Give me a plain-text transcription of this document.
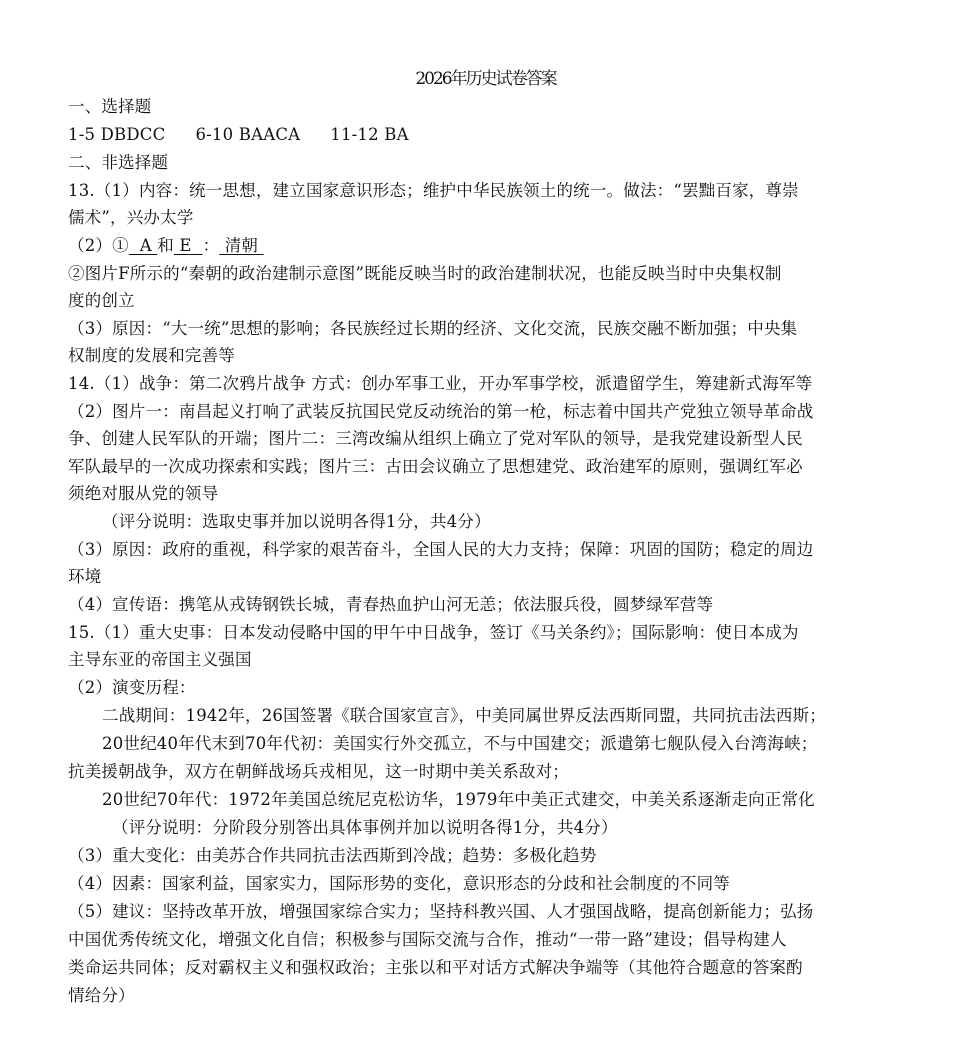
2026年历史试卷答案
一、选择题
1-5 DBDCC 6-10 BAACA 11-12 BA
二、非选择题
13.（1）内容：统一思想，建立国家意识形态；维护中华民族领土的统一。做法：“罢黜百家，尊崇
儒术”，兴办太学
（2）①  A 和 E  ： 清朝
②图片F所示的“秦朝的政治建制示意图”既能反映当时的政治建制状况，也能反映当时中央集权制
度的创立
（3）原因：“大一统”思想的影响；各民族经过长期的经济、文化交流，民族交融不断加强；中央集
权制度的发展和完善等
14.（1）战争：第二次鸦片战争 方式：创办军事工业，开办军事学校，派遣留学生，筹建新式海军等
（2）图片一：南昌起义打响了武装反抗国民党反动统治的第一枪，标志着中国共产党独立领导革命战
争、创建人民军队的开端；图片二：三湾改编从组织上确立了党对军队的领导，是我党建设新型人民
军队最早的一次成功探索和实践；图片三：古田会议确立了思想建党、政治建军的原则，强调红军必
须绝对服从党的领导
（评分说明：选取史事并加以说明各得1分，共4分）
（3）原因：政府的重视，科学家的艰苦奋斗，全国人民的大力支持；保障：巩固的国防；稳定的周边
环境
（4）宣传语：携笔从戎铸钢铁长城，青春热血护山河无恙；依法服兵役，圆梦绿军营等
15.（1）重大史事：日本发动侵略中国的甲午中日战争，签订《马关条约》；国际影响：使日本成为
主导东亚的帝国主义强国
（2）演变历程：
二战期间：1942年，26国签署《联合国家宣言》，中美同属世界反法西斯同盟，共同抗击法西斯；
20世纪40年代末到70年代初：美国实行外交孤立，不与中国建交；派遣第七舰队侵入台湾海峡；
抗美援朝战争，双方在朝鲜战场兵戎相见，这一时期中美关系敌对；
20世纪70年代：1972年美国总统尼克松访华，1979年中美正式建交，中美关系逐渐走向正常化
（评分说明：分阶段分别答出具体事例并加以说明各得1分，共4分）
（3）重大变化：由美苏合作共同抗击法西斯到冷战；趋势：多极化趋势
（4）因素：国家利益，国家实力，国际形势的变化，意识形态的分歧和社会制度的不同等
（5）建议：坚持改革开放，增强国家综合实力；坚持科教兴国、人才强国战略，提高创新能力；弘扬
中国优秀传统文化，增强文化自信；积极参与国际交流与合作，推动“一带一路”建设；倡导构建人
类命运共同体；反对霸权主义和强权政治；主张以和平对话方式解决争端等（其他符合题意的答案酌
情给分）
